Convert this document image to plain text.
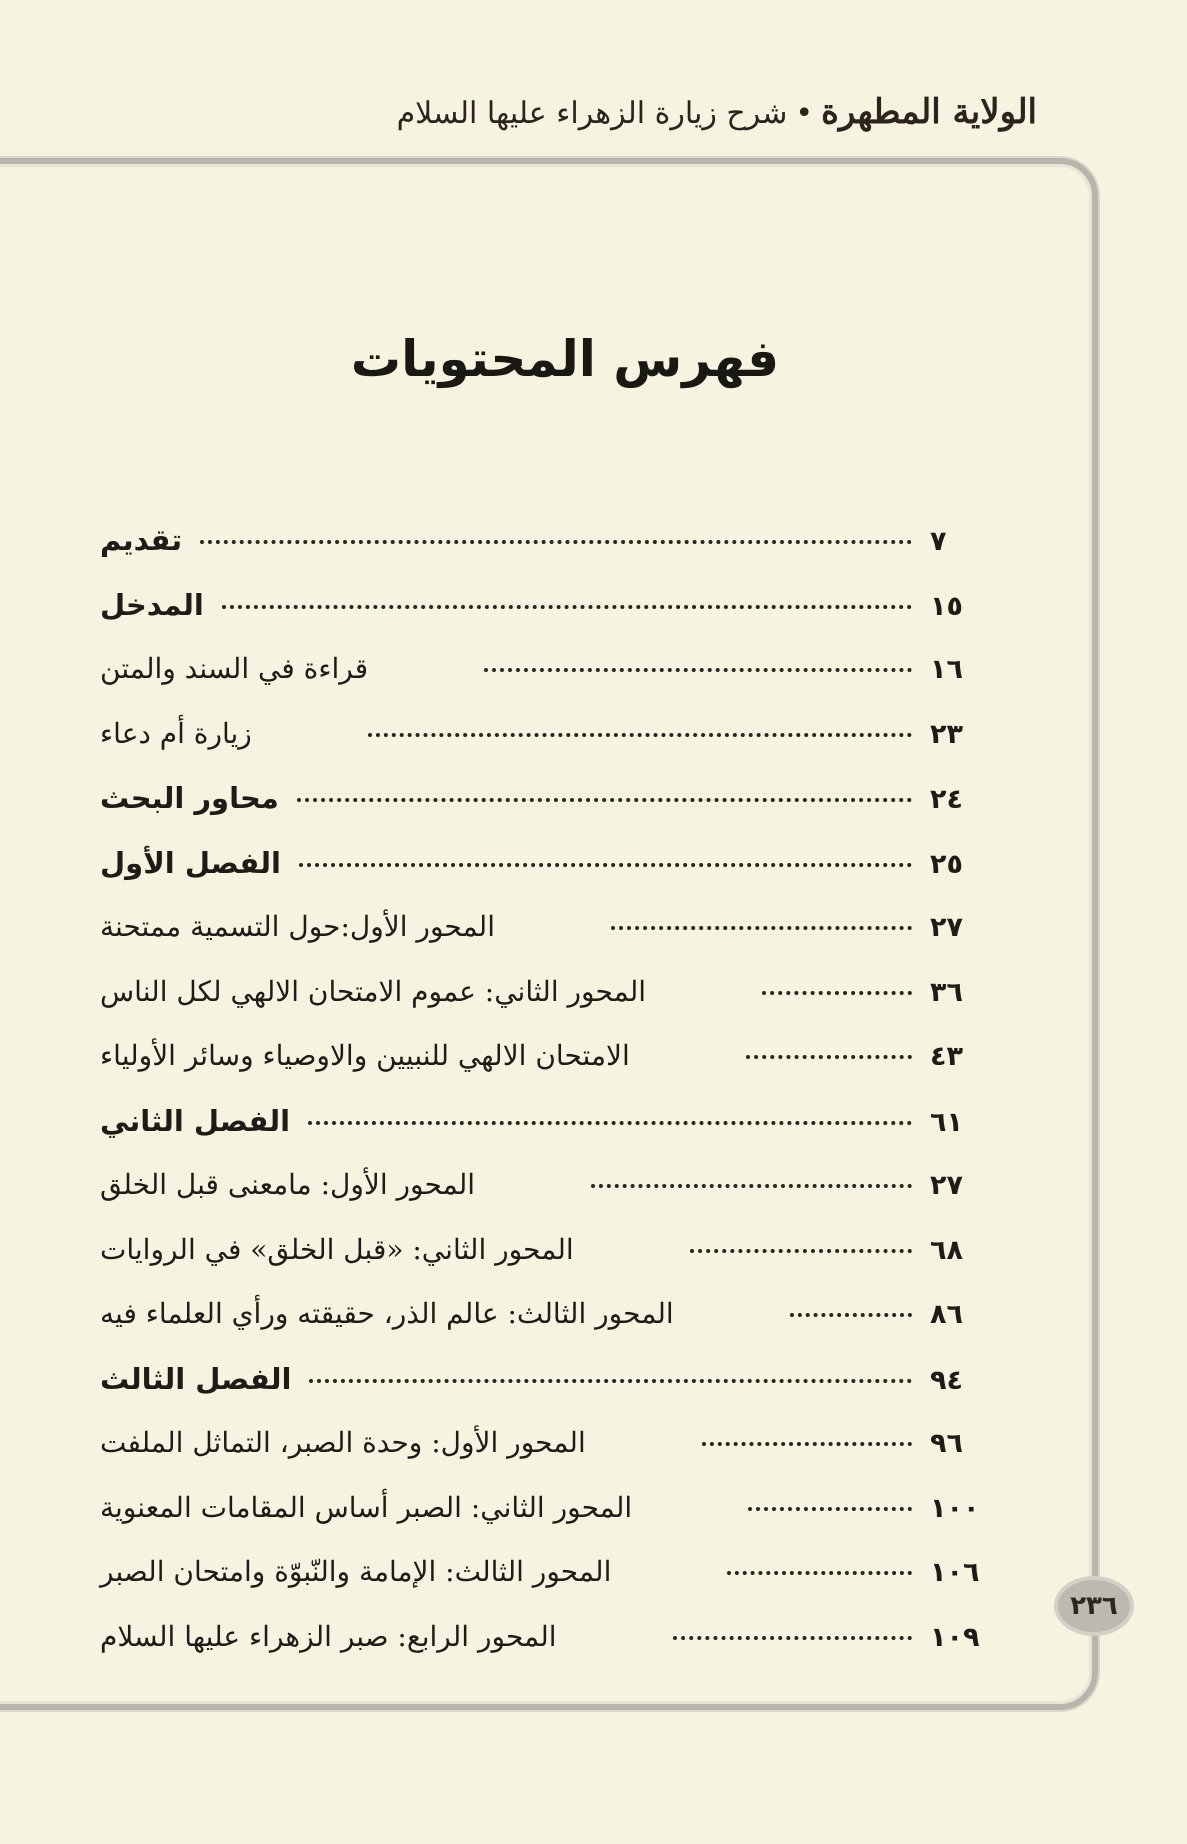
الولاية المطهرة•شرح زيارة الزهراء عليها السلام
فهرس المحتويات
تقديم	٧
المدخل	١٥
قراءة في السند والمتن	١٦
زيارة أم دعاء	٢٣
محاور البحث	٢٤
الفصل الأول	٢٥
المحور الأول:حول التسمية ممتحنة	٢٧
المحور الثاني: عموم الامتحان الالهي لكل الناس	٣٦
الامتحان الالهي للنبيين والاوصياء وسائر الأولياء	٤٣
الفصل الثاني	٦١
المحور الأول: مامعنى قبل الخلق	٢٧
المحور الثاني: «قبل الخلق» في الروايات	٦٨
المحور الثالث: عالم الذر، حقيقته ورأي العلماء فيه	٨٦
الفصل الثالث	٩٤
المحور الأول: وحدة الصبر، التماثل الملفت	٩٦
المحور الثاني: الصبر أساس المقامات المعنوية	١٠٠
المحور الثالث: الإمامة والنّبوّة وامتحان الصبر	١٠٦
المحور الرابع: صبر الزهراء عليها السلام	١٠٩
٢٣٦
